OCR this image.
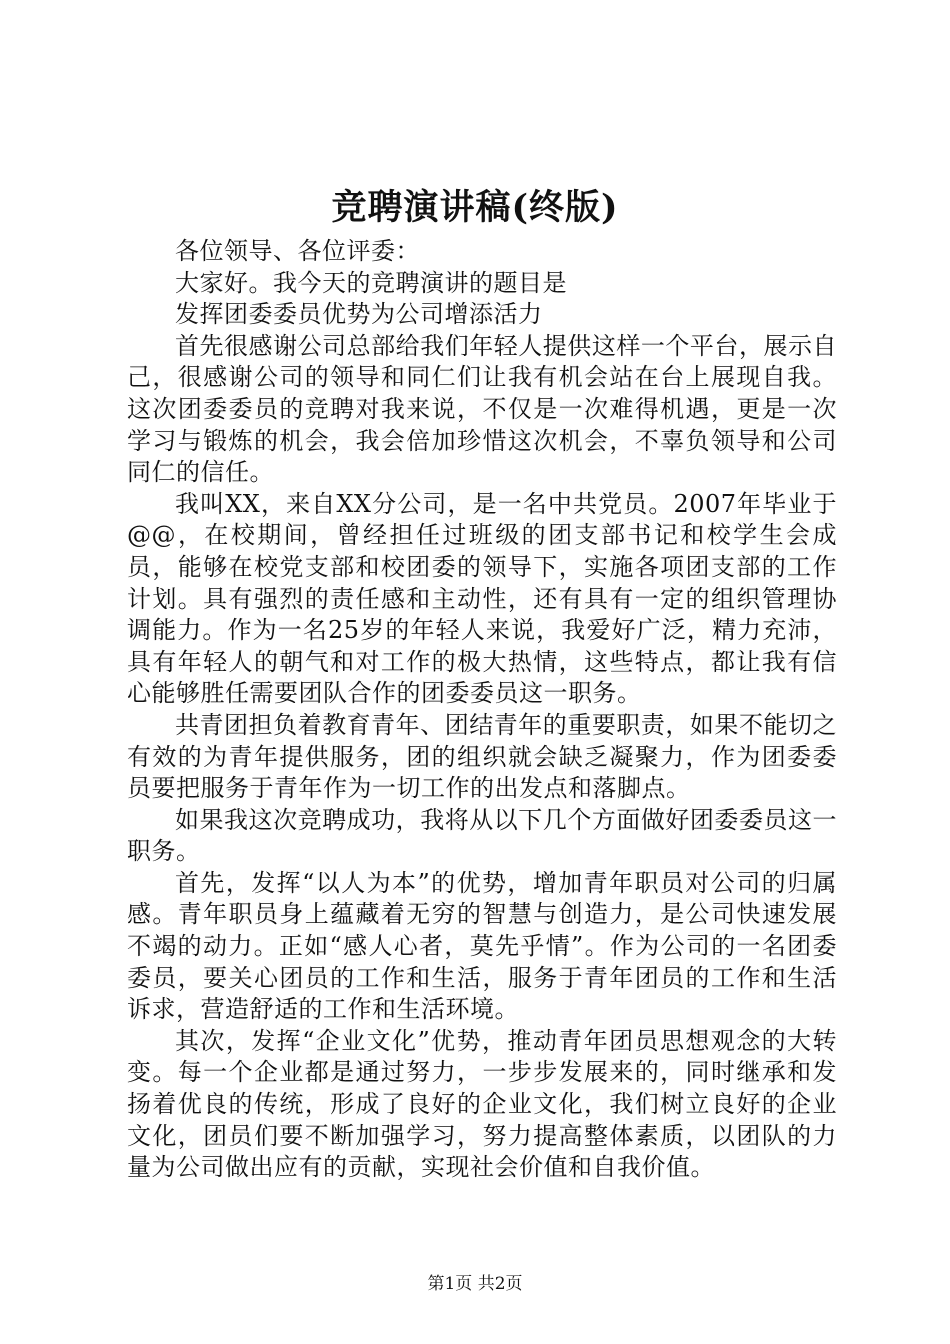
竞聘演讲稿(终版)

各位领导、各位评委：

大家好。我今天的竞聘演讲的题目是

发挥团委委员优势为公司增添活力

首先很感谢公司总部给我们年轻人提供这样一个平台，展示自己，很感谢公司的领导和同仁们让我有机会站在台上展现自我。这次团委委员的竞聘对我来说，不仅是一次难得机遇，更是一次学习与锻炼的机会，我会倍加珍惜这次机会，不辜负领导和公司同仁的信任。

我叫XX，来自XX分公司，是一名中共党员。2007年毕业于@@，在校期间，曾经担任过班级的团支部书记和校学生会成员，能够在校党支部和校团委的领导下，实施各项团支部的工作计划。具有强烈的责任感和主动性，还有具有一定的组织管理协调能力。作为一名25岁的年轻人来说，我爱好广泛，精力充沛，具有年轻人的朝气和对工作的极大热情，这些特点，都让我有信心能够胜任需要团队合作的团委委员这一职务。

共青团担负着教育青年、团结青年的重要职责，如果不能切之有效的为青年提供服务，团的组织就会缺乏凝聚力，作为团委委员要把服务于青年作为一切工作的出发点和落脚点。

如果我这次竞聘成功，我将从以下几个方面做好团委委员这一职务。

首先，发挥“以人为本”的优势，增加青年职员对公司的归属感。青年职员身上蕴藏着无穷的智慧与创造力，是公司快速发展不竭的动力。正如“感人心者，莫先乎情”。作为公司的一名团委委员，要关心团员的工作和生活，服务于青年团员的工作和生活诉求，营造舒适的工作和生活环境。

其次，发挥“企业文化”优势，推动青年团员思想观念的大转变。每一个企业都是通过努力，一步步发展来的，同时继承和发扬着优良的传统，形成了良好的企业文化，我们树立良好的企业文化，团员们要不断加强学习，努力提高整体素质，以团队的力量为公司做出应有的贡献，实现社会价值和自我价值。

第1页 共2页
